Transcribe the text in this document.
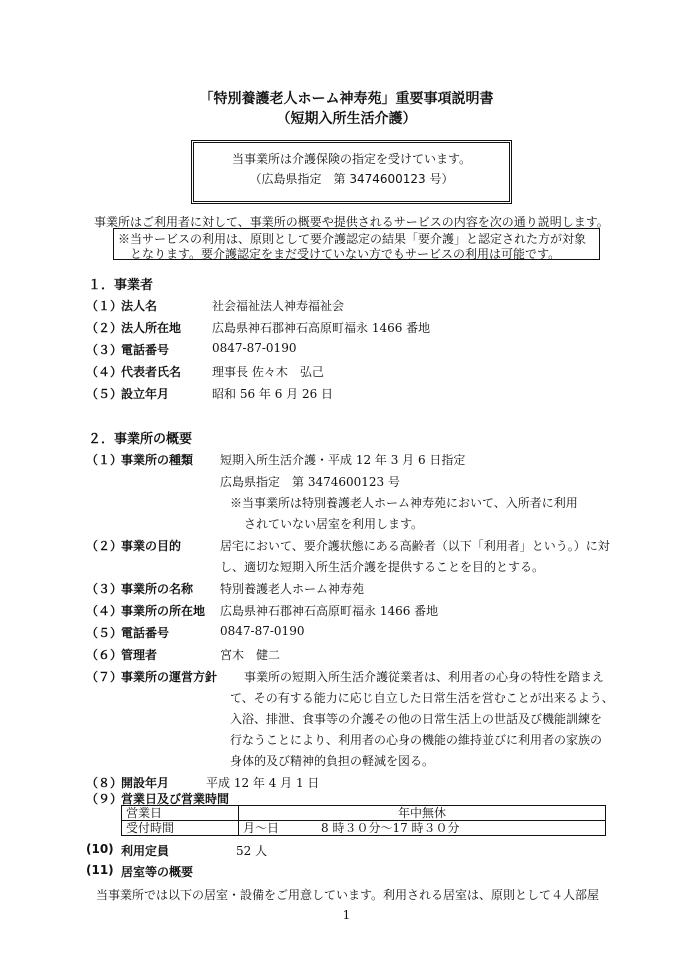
「特別養護老人ホーム神寿苑」重要事項説明書
（短期入所生活介護）
当事業所は介護保険の指定を受けています。
（広島県指定　第 3474600123 号）
事業所はご利用者に対して、事業所の概要や提供されるサービスの内容を次の通り説明します。
※当サービスの利用は、原則として要介護認定の結果「要介護」と認定された方が対象
となります。要介護認定をまだ受けていない方でもサービスの利用は可能です。
１．事業者
（１）
法人名	社会福祉法人神寿福祉会
（２）
法人所在地	広島県神石郡神石高原町福永 1466 番地
（３）
電話番号	0847-87-0190
（４）
代表者氏名	理事長 佐々木　弘己
（５）
設立年月	昭和 56 年 6 月 26 日
２．事業所の概要
（１）
事業所の種類 短期入所生活介護・平成 12 年 3 月 6 日指定
広島県指定　第 3474600123 号
※当事業所は特別養護老人ホーム神寿苑において、入所者に利用
されていない居室を利用します。
（２）
事業の目的	居宅において、要介護状態にある高齢者（以下「利用者」という。）に対
し、適切な短期入所生活介護を提供することを目的とする。
（３）
事業所の名称 特別養護老人ホーム神寿苑
（４）
事業所の所在地 広島県神石郡神石高原町福永 1466 番地
（５）
電話番号	0847-87-0190
（６）
管理者	宮木　健二
（７）
事業所の運営方針 事業所の短期入所生活介護従業者は、利用者の心身の特性を踏まえ
て、その有する能力に応じ自立した日常生活を営むことが出来るよう、
入浴、排泄、食事等の介護その他の日常生活上の世話及び機能訓練を
行なうことにより、利用者の心身の機能の維持並びに利用者の家族の
身体的及び精神的負担の軽減を図る。
（８）
開設年月	平成 12 年 4 月 1 日
（９）
営業日及び営業時間
営業日	年中無休	
受付時間	月～日	8 時３０分～17 時３０分
(10) 利用定員	52 人
(11) 居室等の概要
当事業所では以下の居室・設備をご用意しています。利用される居室は、原則として４人部屋
1
